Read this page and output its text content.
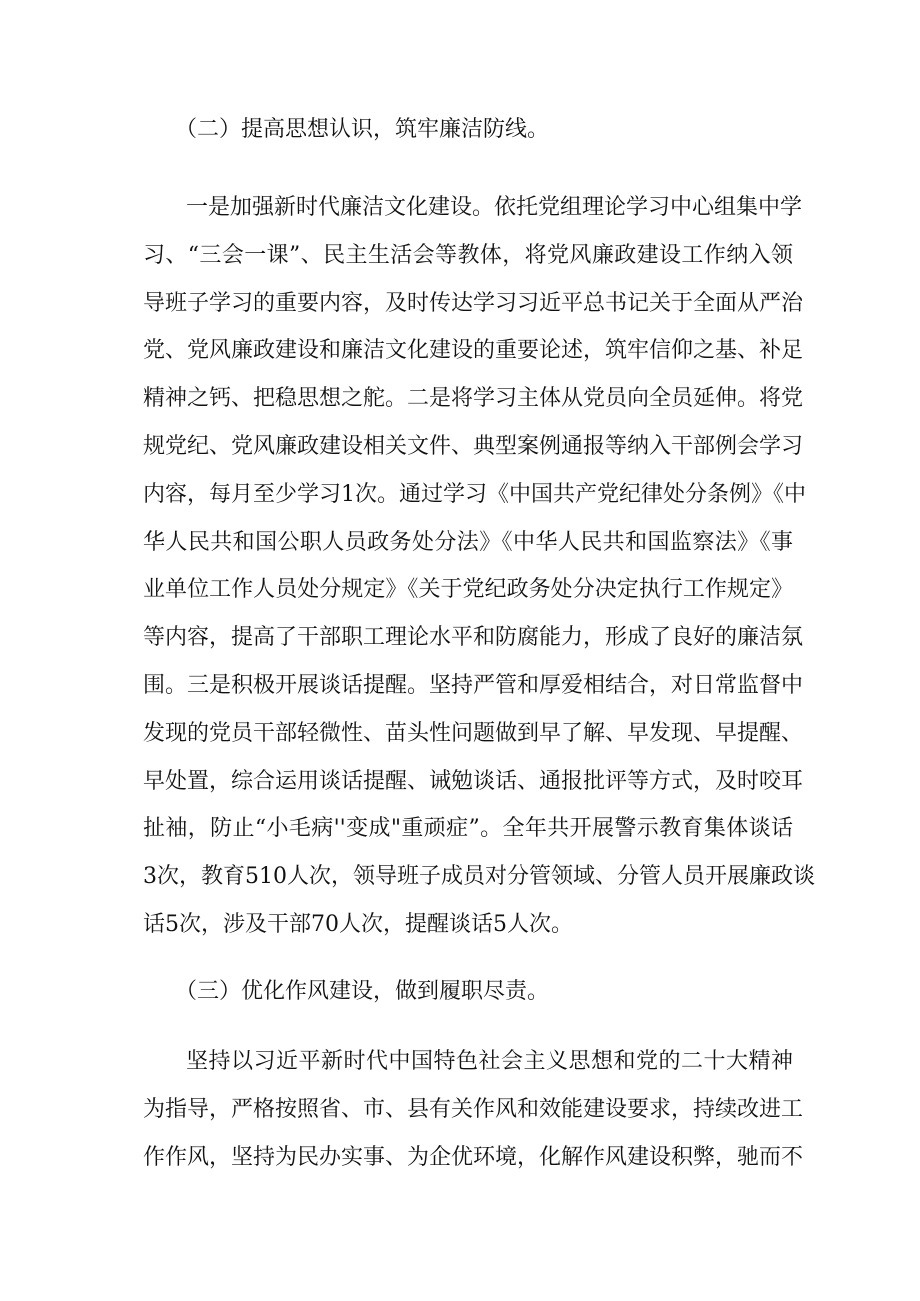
（二）提高思想认识，筑牢廉洁防线。
一是加强新时代廉洁文化建设。依托党组理论学习中心组集中学
习、“三会一课”、民主生活会等教体，将党风廉政建设工作纳入领
导班子学习的重要内容，及时传达学习习近平总书记关于全面从严治
党、党风廉政建设和廉洁文化建设的重要论述，筑牢信仰之基、补足
精神之钙、把稳思想之舵。二是将学习主体从党员向全员延伸。将党
规党纪、党风廉政建设相关文件、典型案例通报等纳入干部例会学习
内容，每月至少学习1次。通过学习《中国共产党纪律处分条例》《中
华人民共和国公职人员政务处分法》《中华人民共和国监察法》《事
业单位工作人员处分规定》《关于党纪政务处分决定执行工作规定》
等内容，提高了干部职工理论水平和防腐能力，形成了良好的廉洁氛
围。三是积极开展谈话提醒。坚持严管和厚爱相结合，对日常监督中
发现的党员干部轻微性、苗头性问题做到早了解、早发现、早提醒、
早处置，综合运用谈话提醒、诫勉谈话、通报批评等方式，及时咬耳
扯袖，防止“小毛病''变成"重顽症”。全年共开展警示教育集体谈话
3次，教育510人次，领导班子成员对分管领域、分管人员开展廉政谈
话5次，涉及干部70人次，提醒谈话5人次。
（三）优化作风建设，做到履职尽责。
坚持以习近平新时代中国特色社会主义思想和党的二十大精神
为指导，严格按照省、市、县有关作风和效能建设要求，持续改进工
作作风，坚持为民办实事、为企优环境，化解作风建设积弊，驰而不
